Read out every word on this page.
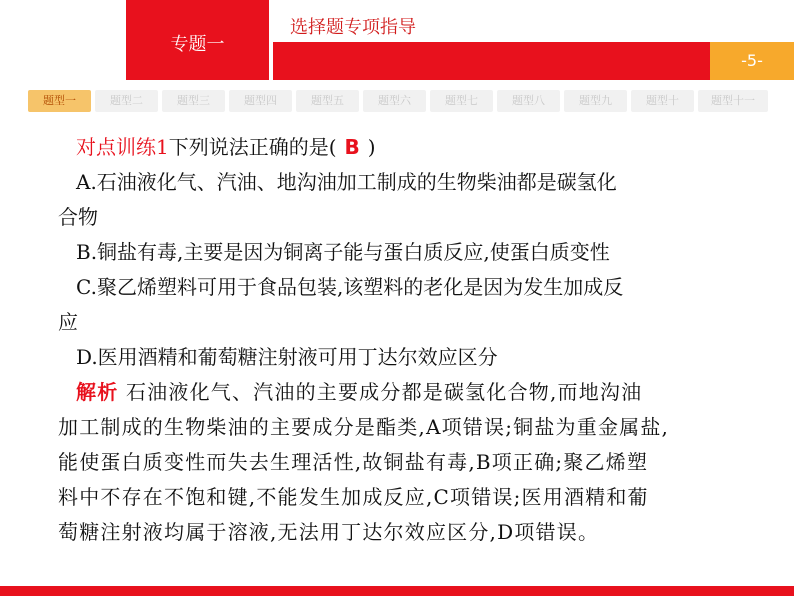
专题一
选择题专项指导
-5-
题型一	题型二	题型三	题型四	题型五	题型六	题型七	题型八	题型九	题型十	题型十一
对点训练1下列说法正确的是( B )
A.石油液化气、汽油、地沟油加工制成的生物柴油都是碳氢化
合物
B.铜盐有毒,主要是因为铜离子能与蛋白质反应,使蛋白质变性
C.聚乙烯塑料可用于食品包装,该塑料的老化是因为发生加成反
应
D.医用酒精和葡萄糖注射液可用丁达尔效应区分
解析 石油液化气、汽油的主要成分都是碳氢化合物,而地沟油
加工制成的生物柴油的主要成分是酯类,A项错误;铜盐为重金属盐,
能使蛋白质变性而失去生理活性,故铜盐有毒,B项正确;聚乙烯塑
料中不存在不饱和键,不能发生加成反应,C项错误;医用酒精和葡
萄糖注射液均属于溶液,无法用丁达尔效应区分,D项错误。
